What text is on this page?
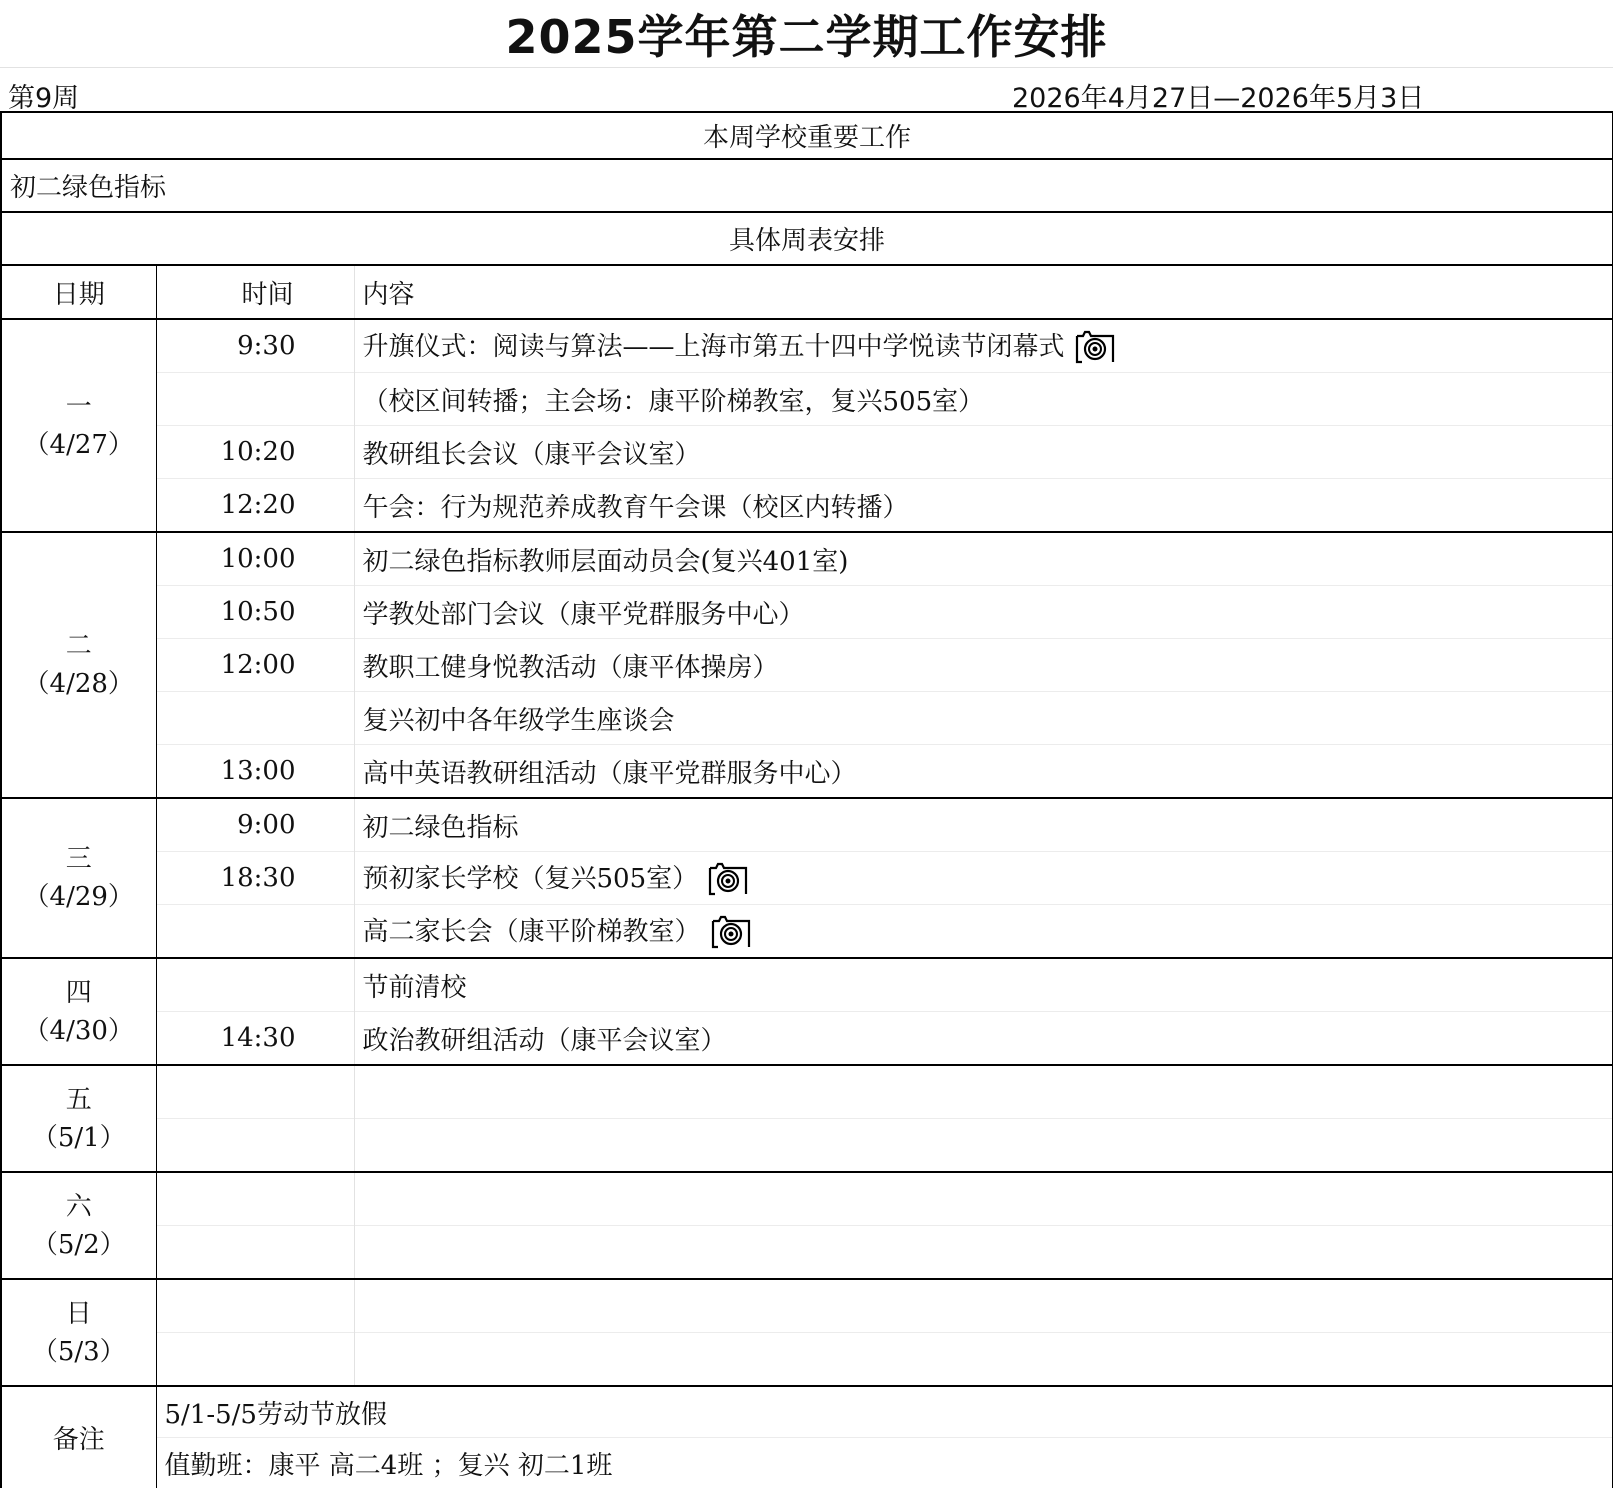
2025学年第二学期工作安排
第9周	2026年4月27日—2026年5月3日
本周学校重要工作		
初二绿色指标		
具体周表安排		
日期	时间	内容

一
（4/27）	9:30	升旗仪式：阅读与算法——上海市第五十四中学悦读节闭幕式

		（校区间转播；主会场：康平阶梯教室，复兴505室）
	10:20	教研组长会议（康平会议室）
	12:20	午会：行为规范养成教育午会课（校区内转播）

二
（4/28）	10:00	初二绿色指标教师层面动员会(复兴401室)
	10:50	学教处部门会议（康平党群服务中心）
	12:00	教职工健身悦教活动（康平体操房）
		复兴初中各年级学生座谈会
	13:00	高中英语教研组活动（康平党群服务中心）

三
（4/29）	9:00	初二绿色指标
	18:30	预初家长学校（复兴505室）

		高二家长会（康平阶梯教室）

四
（4/30）		节前清校
	14:30	政治教研组活动（康平会议室）

五
（5/1）		

六
（5/2）		

日
（5/3）		

备注	5/1-5/5劳动节放假	
	值勤班：康平 高二4班 ；复兴 初二1班	
